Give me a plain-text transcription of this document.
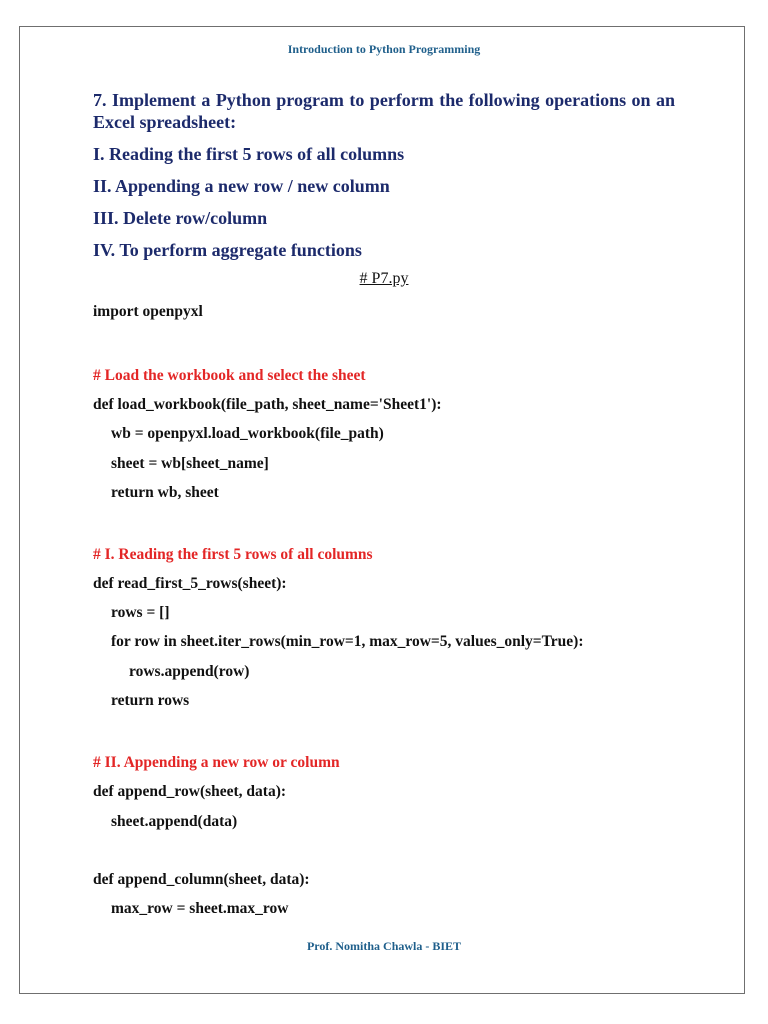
Introduction to Python Programming

7. Implement a Python program to perform the following operations on an Excel spreadsheet:

I. Reading the first 5 rows of all columns

II. Appending a new row / new column

III. Delete row/column

IV. To perform aggregate functions

# P7.py
import openpyxl
# Load the workbook and select the sheet
def load_workbook(file_path, sheet_name='Sheet1'):
wb = openpyxl.load_workbook(file_path)
sheet = wb[sheet_name]
return wb, sheet
# I. Reading the first 5 rows of all columns
def read_first_5_rows(sheet):
rows = []
for row in sheet.iter_rows(min_row=1, max_row=5, values_only=True):
rows.append(row)
return rows
# II. Appending a new row or column
def append_row(sheet, data):
sheet.append(data)
def append_column(sheet, data):
max_row = sheet.max_row
Prof. Nomitha Chawla - BIET
